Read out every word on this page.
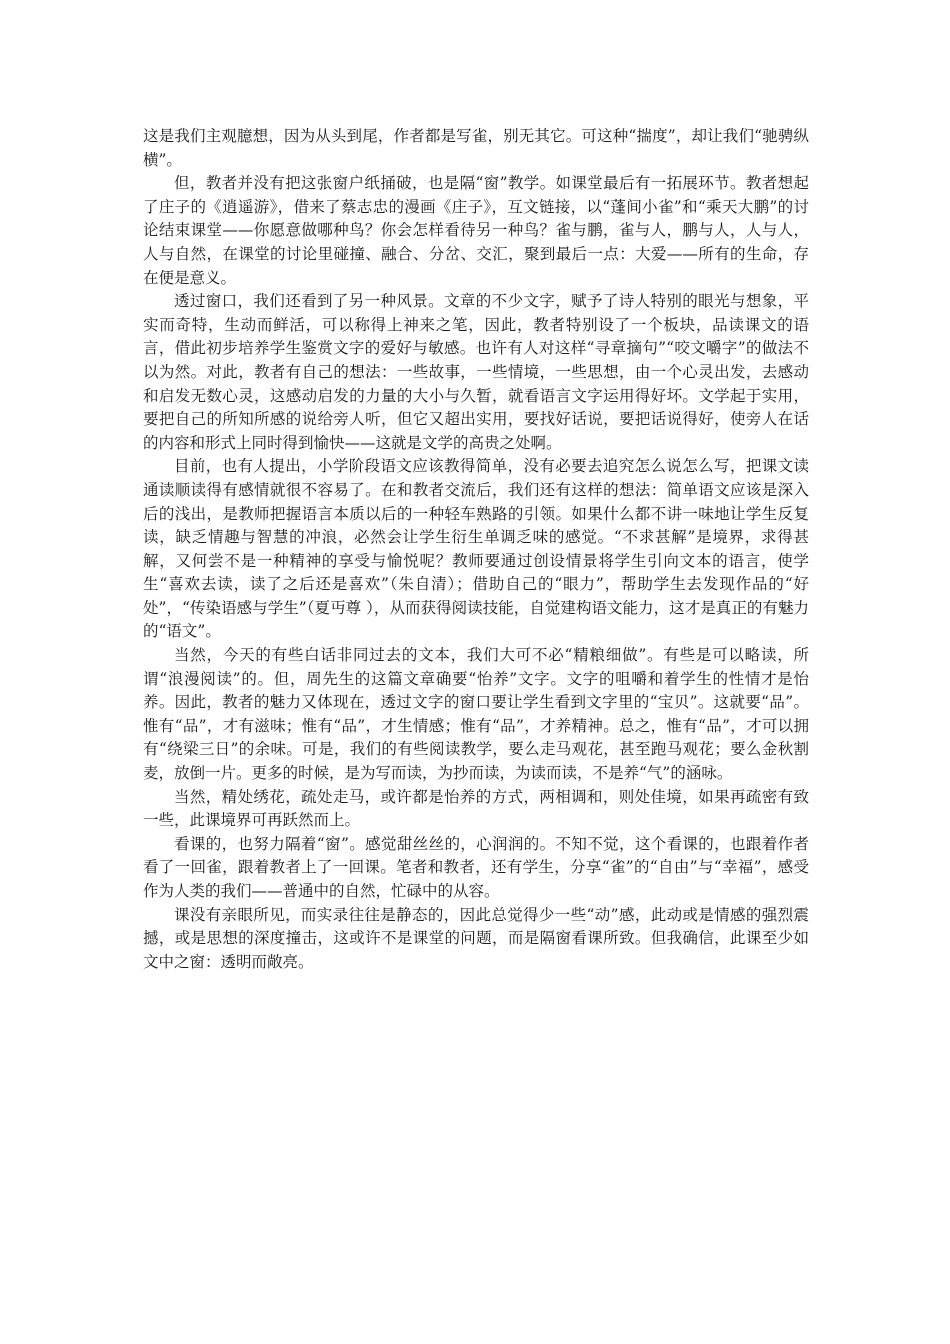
这是我们主观臆想，因为从头到尾，作者都是写雀，别无其它。可这种“揣度”，却让我们“驰骋纵横”。

但，教者并没有把这张窗户纸捅破，也是隔“窗”教学。如课堂最后有一拓展环节。教者想起了庄子的《逍遥游》，借来了蔡志忠的漫画《庄子》，互文链接，以“蓬间小雀”和“乘天大鹏”的讨论结束课堂——你愿意做哪种鸟？你会怎样看待另一种鸟？雀与鹏，雀与人，鹏与人，人与人，人与自然，在课堂的讨论里碰撞、融合、分岔、交汇，聚到最后一点：大爱——所有的生命，存在便是意义。

透过窗口，我们还看到了另一种风景。文章的不少文字，赋予了诗人特别的眼光与想象，平实而奇特，生动而鲜活，可以称得上神来之笔，因此，教者特别设了一个板块，品读课文的语言，借此初步培养学生鉴赏文字的爱好与敏感。也许有人对这样“寻章摘句”“咬文嚼字”的做法不以为然。对此，教者有自己的想法：一些故事，一些情境，一些思想，由一个心灵出发，去感动和启发无数心灵，这感动启发的力量的大小与久暂，就看语言文字运用得好坏。文学起于实用，要把自己的所知所感的说给旁人听，但它又超出实用，要找好话说，要把话说得好，使旁人在话的内容和形式上同时得到愉快——这就是文学的高贵之处啊。

目前，也有人提出，小学阶段语文应该教得简单，没有必要去追究怎么说怎么写，把课文读通读顺读得有感情就很不容易了。在和教者交流后，我们还有这样的想法：简单语文应该是深入后的浅出，是教师把握语言本质以后的一种轻车熟路的引领。如果什么都不讲一味地让学生反复读，缺乏情趣与智慧的冲浪，必然会让学生衍生单调乏味的感觉。“不求甚解”是境界，求得甚解，又何尝不是一种精神的享受与愉悦呢？教师要通过创设情景将学生引向文本的语言，使学生“喜欢去读，读了之后还是喜欢”（朱自清）；借助自己的“眼力”，帮助学生去发现作品的“好处”，“传染语感与学生”（夏丏尊 ），从而获得阅读技能，自觉建构语文能力，这才是真正的有魅力的“语文”。

当然，今天的有些白话非同过去的文本，我们大可不必“精粮细做”。有些是可以略读，所谓“浪漫阅读”的。但，周先生的这篇文章确要“怡养”文字。文字的咀嚼和着学生的性情才是怡养。因此，教者的魅力又体现在，透过文字的窗口要让学生看到文字里的“宝贝”。这就要“品”。惟有“品”，才有滋味；惟有“品”，才生情感；惟有“品”，才养精神。总之，惟有“品”，才可以拥有“绕梁三日”的余味。可是，我们的有些阅读教学，要么走马观花，甚至跑马观花；要么金秋割麦，放倒一片。更多的时候，是为写而读，为抄而读，为读而读，不是养“气”的涵咏。

当然，精处绣花，疏处走马，或许都是怡养的方式，两相调和，则处佳境，如果再疏密有致一些，此课境界可再跃然而上。

看课的，也努力隔着“窗”。感觉甜丝丝的，心润润的。不知不觉，这个看课的，也跟着作者看了一回雀，跟着教者上了一回课。笔者和教者，还有学生，分享“雀”的“自由”与“幸福”，感受作为人类的我们——普通中的自然，忙碌中的从容。

课没有亲眼所见，而实录往往是静态的，因此总觉得少一些“动”感，此动或是情感的强烈震撼，或是思想的深度撞击，这或许不是课堂的问题，而是隔窗看课所致。但我确信，此课至少如文中之窗：透明而敞亮。
